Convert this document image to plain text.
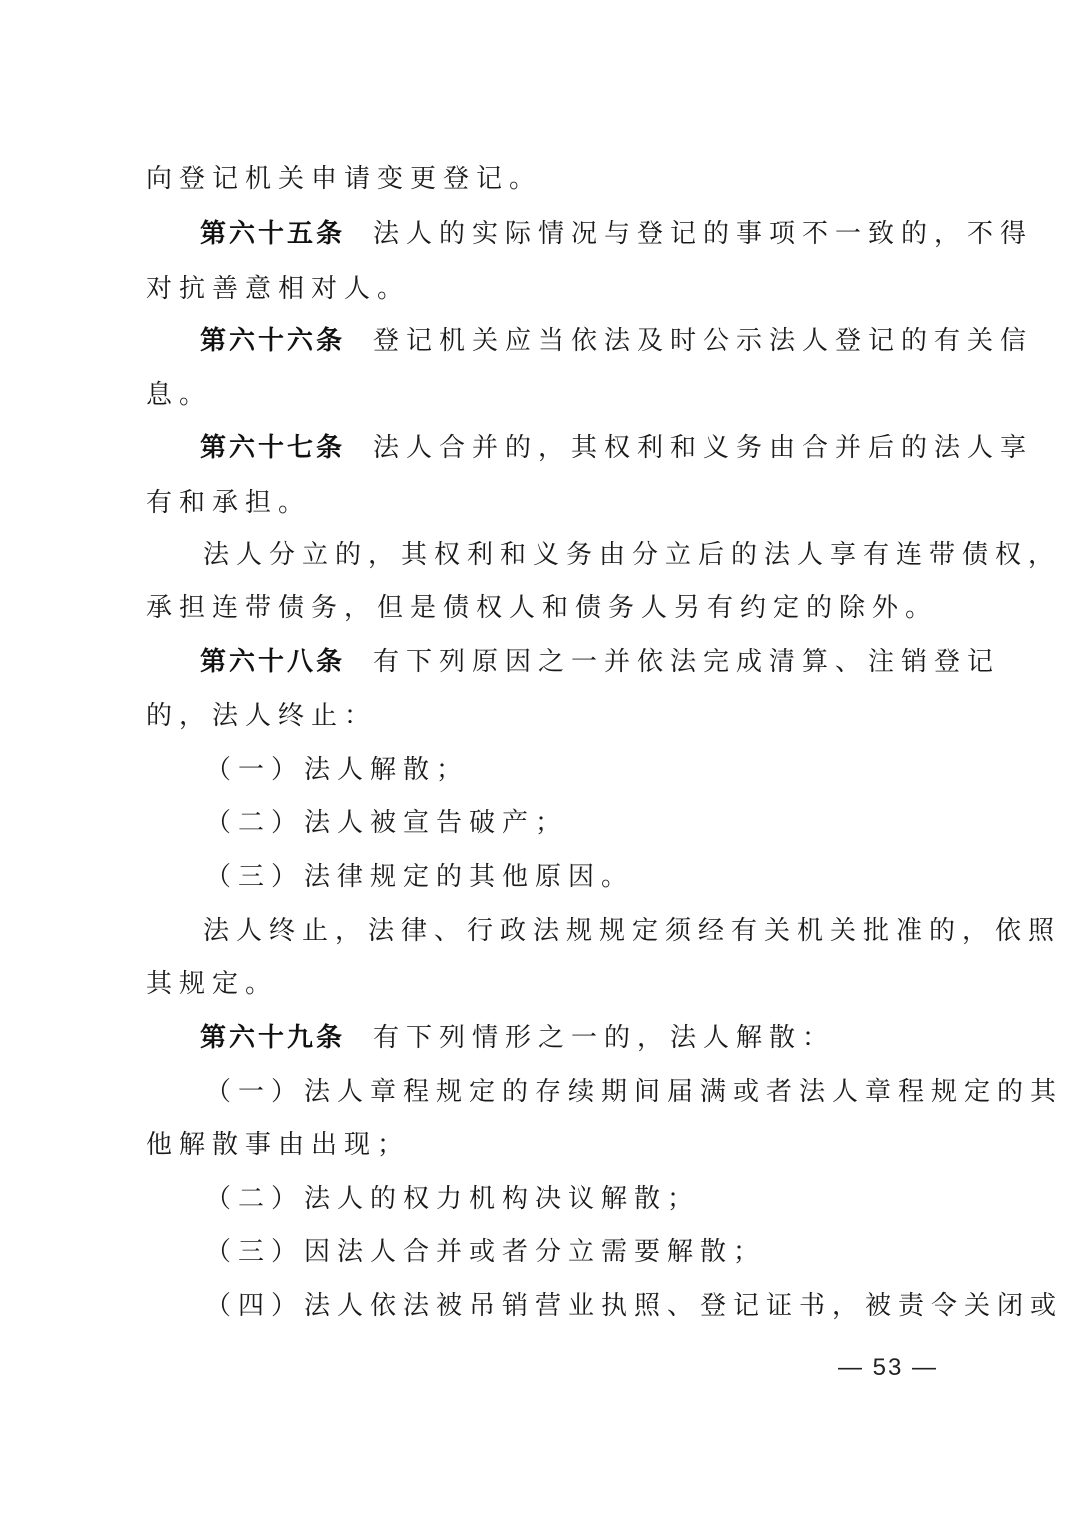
向登记机关申请变更登记。
第六十五条 法人的实际情况与登记的事项不一致的，不得
对抗善意相对人。
第六十六条 登记机关应当依法及时公示法人登记的有关信
息。
第六十七条 法人合并的，其权利和义务由合并后的法人享
有和承担。
法人分立的，其权利和义务由分立后的法人享有连带债权，
承担连带债务，但是债权人和债务人另有约定的除外。
第六十八条 有下列原因之一并依法完成清算、注销登记
的，法人终止：
（一）法人解散；
（二）法人被宣告破产；
（三）法律规定的其他原因。
法人终止，法律、行政法规规定须经有关机关批准的，依照
其规定。
第六十九条 有下列情形之一的，法人解散：
（一）法人章程规定的存续期间届满或者法人章程规定的其
他解散事由出现；
（二）法人的权力机构决议解散；
（三）因法人合并或者分立需要解散；
（四）法人依法被吊销营业执照、登记证书，被责令关闭或
— 53 —
